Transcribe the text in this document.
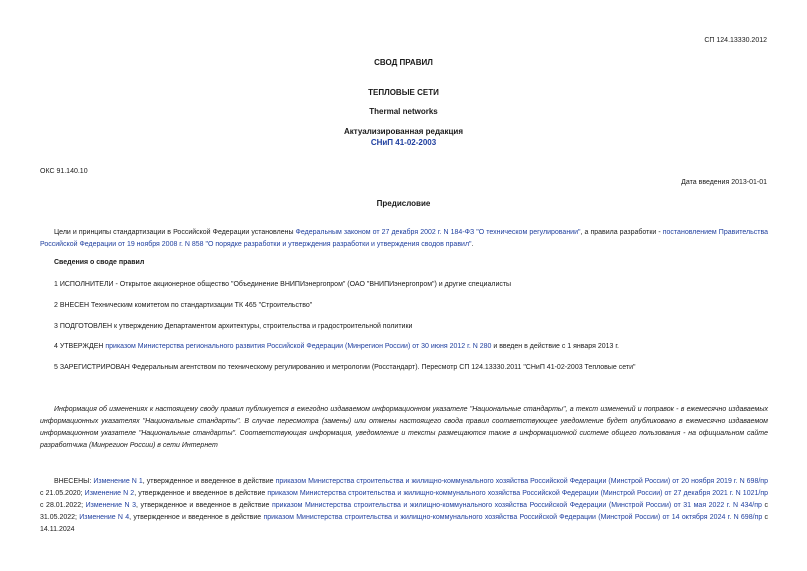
СП 124.13330.2012
СВОД ПРАВИЛ
ТЕПЛОВЫЕ СЕТИ
Thermal networks
Актуализированная редакция
СНиП 41-02-2003
ОКС 91.140.10
Дата введения 2013-01-01
Предисловие
Цели и принципы стандартизации в Российской Федерации установлены Федеральным законом от 27 декабря 2002 г. N 184-ФЗ "О техническом регулировании", а правила разработки - постановлением Правительства Российской Федерации от 19 ноября 2008 г. N 858 "О порядке разработки и утверждения разработки и утверждения сводов правил".
Сведения о своде правил
1 ИСПОЛНИТЕЛИ - Открытое акционерное общество "Объединение ВНИПИэнергопром" (ОАО "ВНИПИэнергопром") и другие специалисты
2 ВНЕСЕН Техническим комитетом по стандартизации ТК 465 "Строительство"
3 ПОДГОТОВЛЕН к утверждению Департаментом архитектуры, строительства и градостроительной политики
4 УТВЕРЖДЕН приказом Министерства регионального развития Российской Федерации (Минрегион России) от 30 июня 2012 г. N 280 и введен в действие с 1 января 2013 г.
5 ЗАРЕГИСТРИРОВАН Федеральным агентством по техническому регулированию и метрологии (Росстандарт). Пересмотр СП 124.13330.2011 "СНиП 41-02-2003 Тепловые сети"
Информация об изменениях к настоящему своду правил публикуется в ежегодно издаваемом информационном указателе "Национальные стандарты", а текст изменений и поправок - в ежемесячно издаваемых информационных указателях "Национальные стандарты". В случае пересмотра (замены) или отмены настоящего свода правил соответствующее уведомление будет опубликовано в ежемесячно издаваемом информационном указателе "Национальные стандарты". Соответствующая информация, уведомление и тексты размещаются также в информационной системе общего пользования - на официальном сайте разработчика (Минрегион России) в сети Интернет
ВНЕСЕНЫ: Изменение N 1, утвержденное и введенное в действие приказом Министерства строительства и жилищно-коммунального хозяйства Российской Федерации (Минстрой России) от 20 ноября 2019 г. N 698/пр с 21.05.2020; Изменение N 2, утвержденное и введенное в действие приказом Министерства строительства и жилищно-коммунального хозяйства Российской Федерации (Минстрой России) от 27 декабря 2021 г. N 1021/пр с 28.01.2022; Изменение N 3, утвержденное и введенное в действие приказом Министерства строительства и жилищно-коммунального хозяйства Российской Федерации (Минстрой России) от 31 мая 2022 г. N 434/пр с 31.05.2022; Изменение N 4, утвержденное и введенное в действие приказом Министерства строительства и жилищно-коммунального хозяйства Российской Федерации (Минстрой России) от 14 октября 2024 г. N 698/пр с 14.11.2024
